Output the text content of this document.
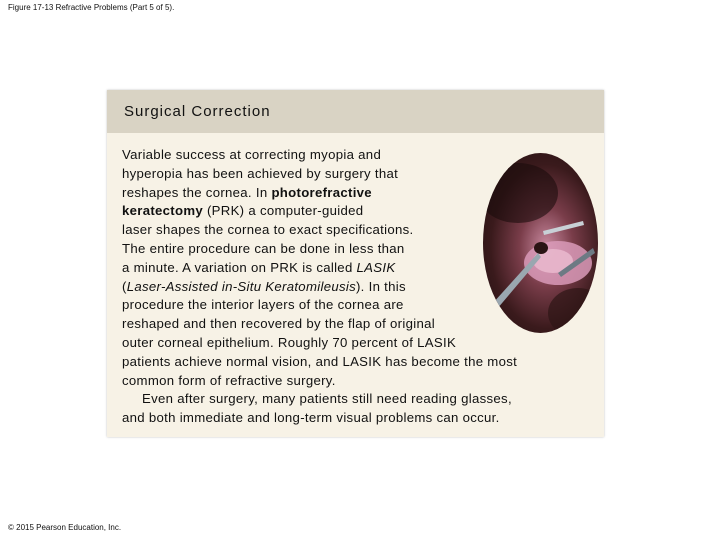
Figure 17-13 Refractive Problems (Part 5 of 5).
Surgical Correction
Variable success at correcting myopia and
hyperopia has been achieved by surgery that
reshapes the cornea. In photorefractive
keratectomy (PRK) a computer-guided
laser shapes the cornea to exact specifications.
The entire procedure can be done in less than
a minute. A variation on PRK is called LASIK
(Laser-Assisted in-Situ Keratomileusis). In this
procedure the interior layers of the cornea are
reshaped and then recovered by the flap of original
outer corneal epithelium. Roughly 70 percent of LASIK
patients achieve normal vision, and LASIK has become the most
common form of refractive surgery.
Even after surgery, many patients still need reading glasses,
and both immediate and long-term visual problems can occur.
© 2015 Pearson Education, Inc.
